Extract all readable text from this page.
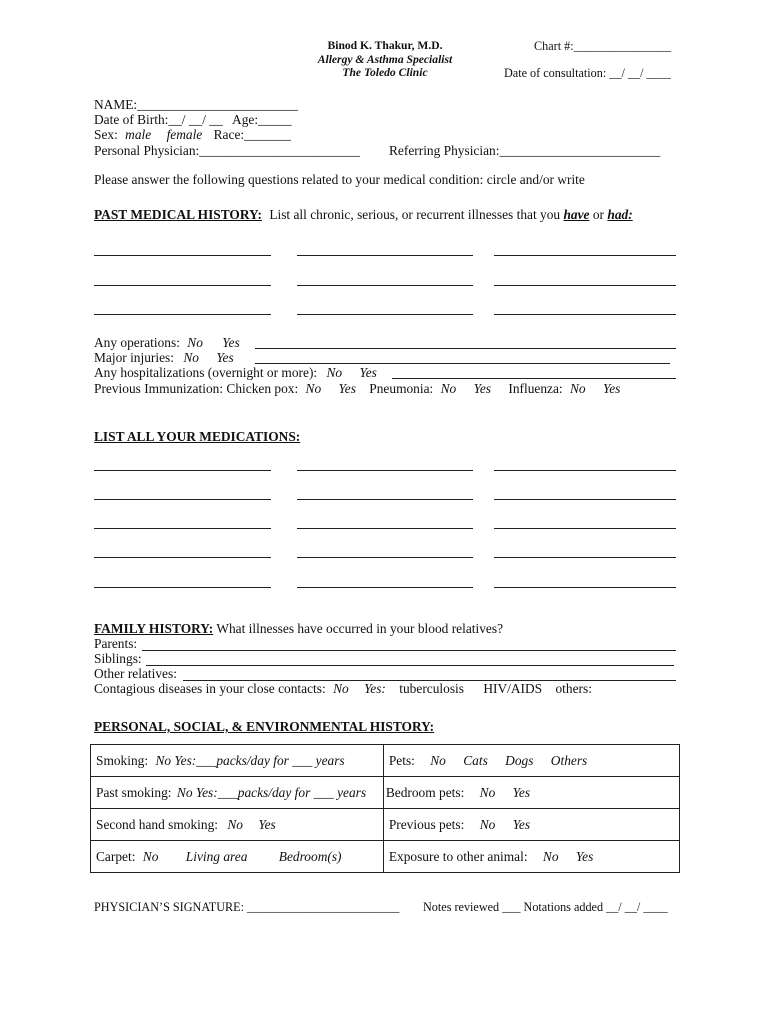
Binod K. Thakur, M.D.
Allergy & Asthma Specialist
The Toledo Clinic
Chart #:________________
Date of consultation: __/ __/ ____
NAME:________________________
Date of Birth:__/ __/ __ Age:_____
Sex: male female Race:_______
Personal Physician:________________________ Referring Physician:________________________
Please answer the following questions related to your medical condition: circle and/or write
PAST MEDICAL HISTORY: List all chronic, serious, or recurrent illnesses that you have or had:
Any operations: No Yes
Major injuries: No Yes
Any hospitalizations (overnight or more): No Yes
Previous Immunization: Chicken pox: No Yes Pneumonia: No Yes Influenza: No Yes
LIST ALL YOUR MEDICATIONS:
FAMILY HISTORY: What illnesses have occurred in your blood relatives?
Parents:
Siblings:
Other relatives:
Contagious diseases in your close contacts: No Yes: tuberculosis HIV/AIDS others:
PERSONAL, SOCIAL, & ENVIRONMENTAL HISTORY:
Smoking: No Yes:___packs/day for ___ years	Pets: No Cats Dogs Others
Past smoking: No Yes:___packs/day for ___ years	Bedroom pets: No Yes
Second hand smoking: No Yes	Previous pets: No Yes
Carpet: No Living area Bedroom(s)	Exposure to other animal: No Yes
PHYSICIAN’S SIGNATURE: _________________________ Notes reviewed ___ Notations added __/ __/ ____
